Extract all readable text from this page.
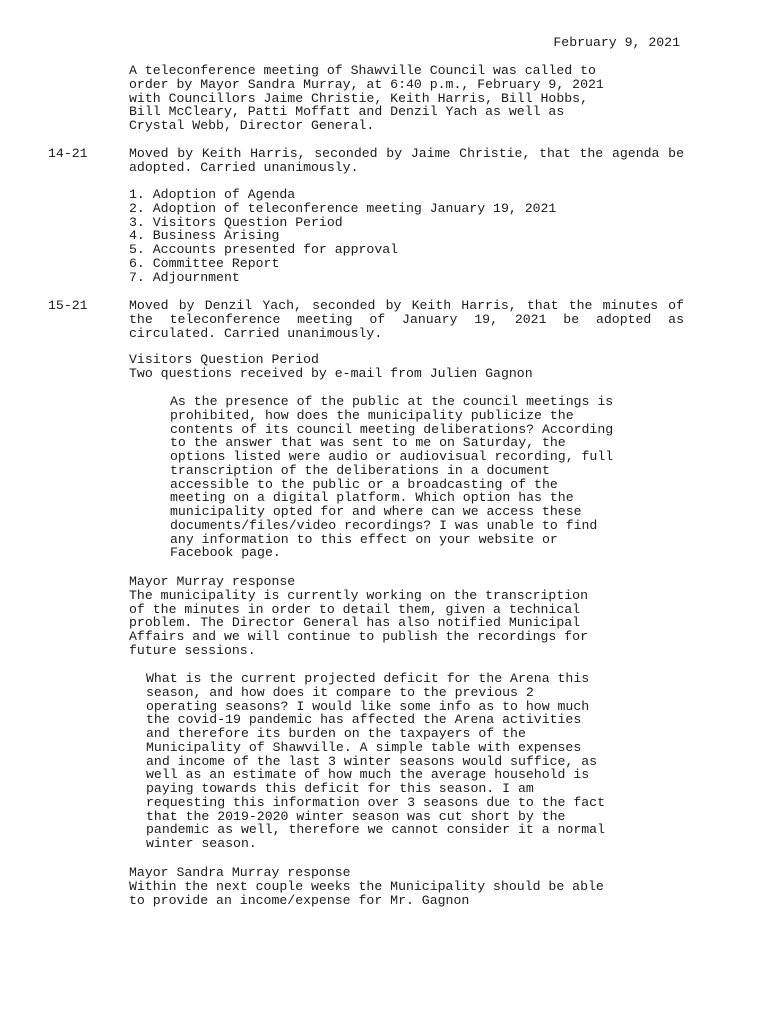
February 9, 2021
A teleconference meeting of Shawville Council was called to
order by Mayor Sandra Murray, at 6:40 p.m., February 9, 2021
with Councillors Jaime Christie, Keith Harris, Bill Hobbs,
Bill McCleary, Patti Moffatt and Denzil Yach as well as
Crystal Webb, Director General.
14-21	Moved by Keith Harris, seconded by Jaime Christie, that the agenda be adopted. Carried unanimously.

1. Adoption of Agenda
2. Adoption of teleconference meeting January 19, 2021
3. Visitors Question Period
4. Business Arising
5. Accounts presented for approval
6. Committee Report
7. Adjournment
15-21	Moved by Denzil Yach, seconded by Keith Harris, that the minutes of the teleconference meeting of January 19, 2021 be adopted as circulated. Carried unanimously.

Visitors Question Period
Two questions received by e-mail from Julien Gagnon
As the presence of the public at the council meetings is
prohibited, how does the municipality publicize the
contents of its council meeting deliberations? According
to the answer that was sent to me on Saturday, the
options listed were audio or audiovisual recording, full
transcription of the deliberations in a document
accessible to the public or a broadcasting of the
meeting on a digital platform. Which option has the
municipality opted for and where can we access these
documents/files/video recordings? I was unable to find
any information to this effect on your website or
Facebook page.
Mayor Murray response
The municipality is currently working on the transcription
of the minutes in order to detail them, given a technical
problem. The Director General has also notified Municipal
Affairs and we will continue to publish the recordings for
future sessions.
What is the current projected deficit for the Arena this
season, and how does it compare to the previous 2
operating seasons? I would like some info as to how much
the covid-19 pandemic has affected the Arena activities
and therefore its burden on the taxpayers of the
Municipality of Shawville. A simple table with expenses
and income of the last 3 winter seasons would suffice, as
well as an estimate of how much the average household is
paying towards this deficit for this season. I am
requesting this information over 3 seasons due to the fact
that the 2019-2020 winter season was cut short by the
pandemic as well, therefore we cannot consider it a normal
winter season.
Mayor Sandra Murray response
Within the next couple weeks the Municipality should be able
to provide an income/expense for Mr. Gagnon
